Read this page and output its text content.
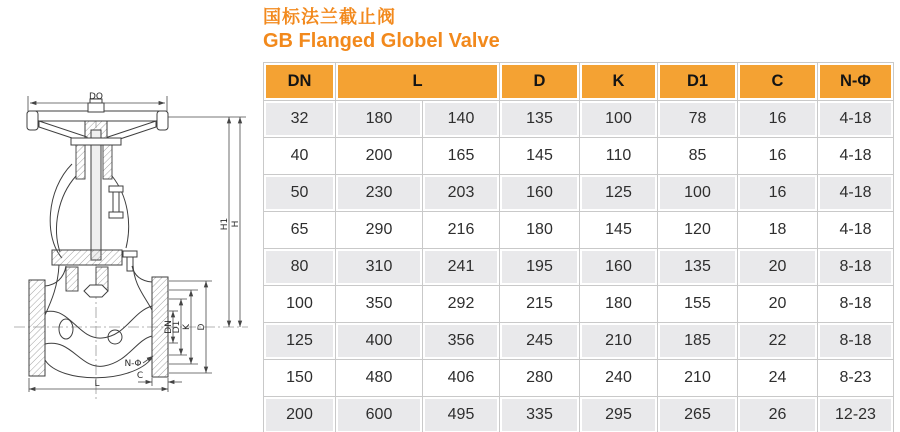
DO
H1 H
DN
D1 K D
N-Φ
C
L
国标法兰截止阀
GB Flanged Globel Valve
DN	L		D	K	D1	C	N-Φ
32	180	140	135	100	78	16	4-18
40	200	165	145	110	85	16	4-18
50	230	203	160	125	100	16	4-18
65	290	216	180	145	120	18	4-18
80	310	241	195	160	135	20	8-18
100	350	292	215	180	155	20	8-18
125	400	356	245	210	185	22	8-18
150	480	406	280	240	210	24	8-23
200	600	495	335	295	265	26	12-23
